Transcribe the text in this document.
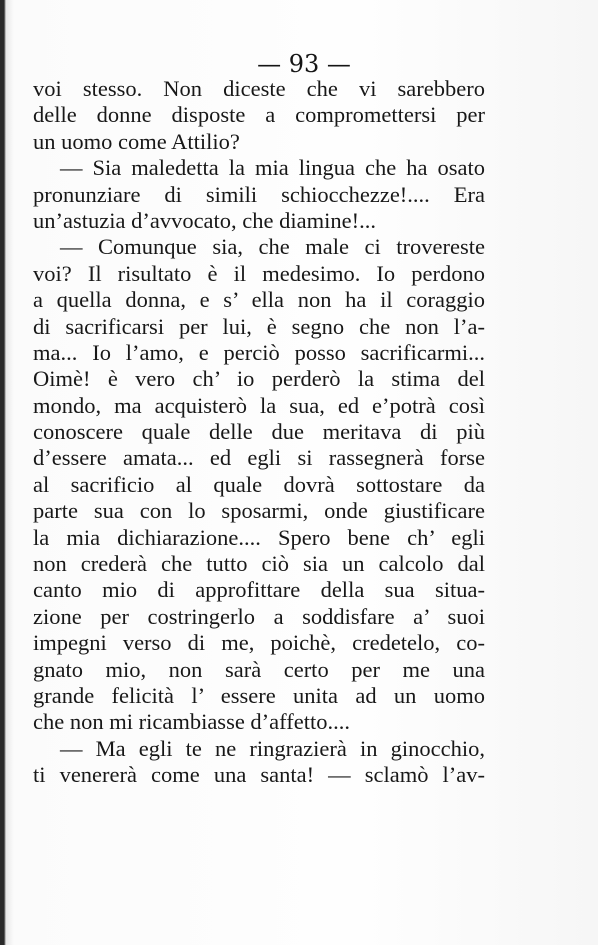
— 93 —
voi stesso. Non diceste che vi sarebbero
delle donne disposte a compromettersi per
un uomo come Attilio?
— Sia maledetta la mia lingua che ha osato
pronunziare di simili schiocchezze!.... Era
un’astuzia d’avvocato, che diamine!...
— Comunque sia, che male ci trovereste
voi? Il risultato è il medesimo. Io perdono
a quella donna, e s’ ella non ha il coraggio
di sacrificarsi per lui, è segno che non l’a-
ma... Io l’amo, e perciò posso sacrificarmi...
Oimè! è vero ch’ io perderò la stima del
mondo, ma acquisterò la sua, ed e’potrà così
conoscere quale delle due meritava di più
d’essere amata... ed egli si rassegnerà forse
al sacrificio al quale dovrà sottostare da
parte sua con lo sposarmi, onde giustificare
la mia dichiarazione.... Spero bene ch’ egli
non crederà che tutto ciò sia un calcolo dal
canto mio di approfittare della sua situa-
zione per costringerlo a soddisfare a’ suoi
impegni verso di me, poichè, credetelo, co-
gnato mio, non sarà certo per me una
grande felicità l’ essere unita ad un uomo
che non mi ricambiasse d’affetto....
— Ma egli te ne ringrazierà in ginocchio,
ti venererà come una santa! — sclamò l’av-
